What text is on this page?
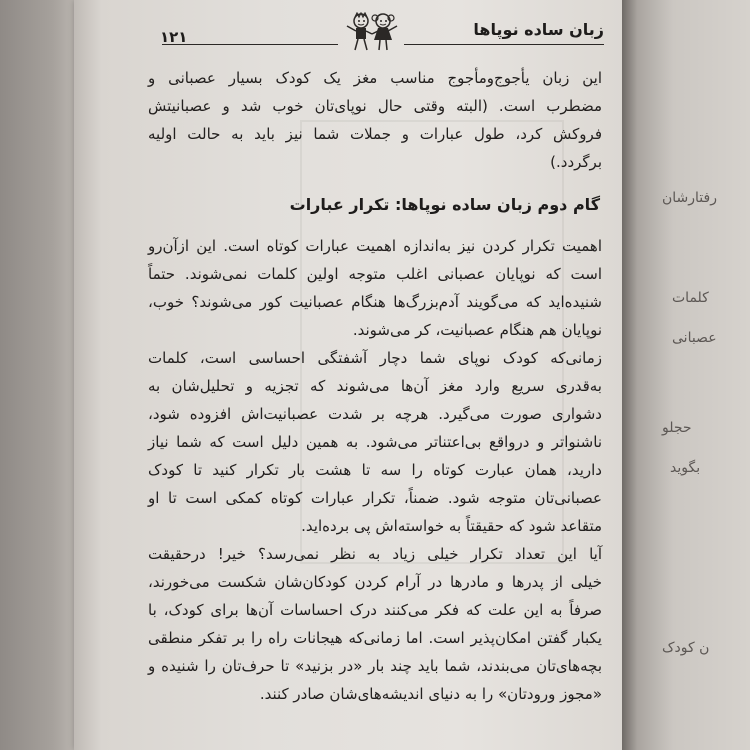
رفتارشان
کلمات
عصبانی
حجلو
بگوید
ن کودک
۱۲۱	زبان ساده نوپاها
این زبان یأجوج‌ومأجوج مناسب مغز یک کودک بسیار عصبانی و
مضطرب است. (البته وقتی حال نوپای‌تان خوب شد و عصبانیتش
فروکش کرد، طول عبارات و جملات شما نیز باید به حالت اولیه
برگردد.)
گام دوم زبان ساده نوپاها: تکرار عبارات
اهمیت تکرار کردن نیز به‌اندازه اهمیت عبارات کوتاه است. این ازآن‌رو
است که نوپایان عصبانی اغلب متوجه اولین کلمات نمی‌شوند. حتماً
شنیده‌اید که می‌گویند آدم‌بزرگ‌ها هنگام عصبانیت کور می‌شوند؟ خوب،
نوپایان هم هنگام عصبانیت، کر می‌شوند.
زمانی‌که کودک نوپای شما دچار آشفتگی احساسی است، کلمات
به‌قدری سریع وارد مغز آن‌ها می‌شوند که تجزیه و تحلیل‌شان به
دشواری صورت می‌گیرد. هرچه بر شدت عصبانیت‌اش افزوده شود،
ناشنواتر و درواقع بی‌اعتناتر می‌شود. به همین دلیل است که شما نیاز
دارید، همان عبارت کوتاه را سه تا هشت بار تکرار کنید تا کودک
عصبانی‌تان متوجه شود. ضمناً، تکرار عبارات کوتاه کمکی است تا او
متقاعد شود که حقیقتاً به خواسته‌اش پی برده‌اید.
آیا این تعداد تکرار خیلی زیاد به نظر نمی‌رسد؟ خیر! درحقیقت
خیلی از پدرها و مادرها در آرام کردن کودکان‌شان شکست می‌خورند،
صرفاً به این علت که فکر می‌کنند درک احساسات آن‌ها برای کودک، با
یکبار گفتن امکان‌پذیر است. اما زمانی‌که هیجانات راه را بر تفکر منطقی
بچه‌های‌تان می‌بندند، شما باید چند بار «در بزنید» تا حرف‌تان را شنیده و
«مجوز ورودتان» را به دنیای اندیشه‌های‌شان صادر کنند.
